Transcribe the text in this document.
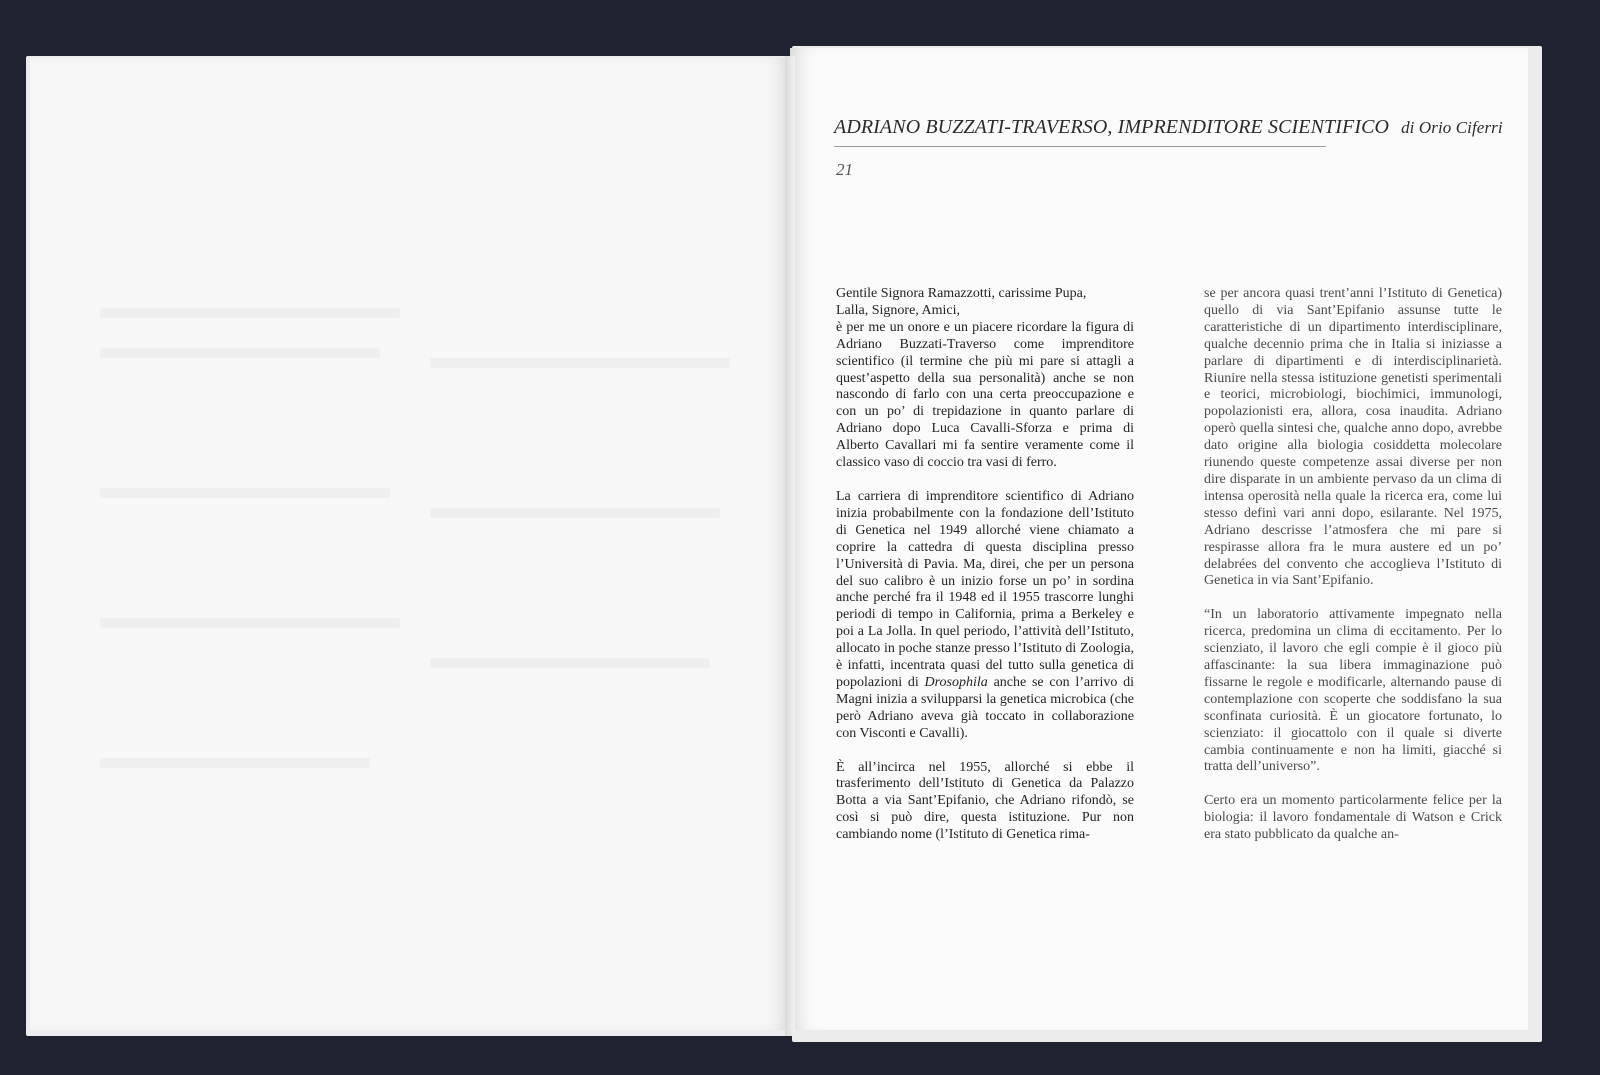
ADRIANO BUZZATI-TRAVERSO, IMPRENDITORE SCIENTIFICO di Orio Ciferri
21

Gentile Signora Ramazzotti, carissime Pupa,

Lalla, Signore, Amici,

è per me un onore e un piacere ricordare la figura di Adriano Buzzati-Traverso come imprenditore scientifico (il termine che più mi pare si attagli a quest’aspetto della sua personalità) anche se non nascondo di farlo con una certa preoccupazione e con un po’ di trepidazione in quanto parlare di Adriano dopo Luca Cavalli-Sforza e prima di Alberto Cavallari mi fa sentire veramente come il classico vaso di coccio tra vasi di ferro.

La carriera di imprenditore scientifico di Adriano inizia probabilmente con la fondazione dell’Istituto di Genetica nel 1949 allorché viene chiamato a coprire la cattedra di questa disciplina presso l’Università di Pavia. Ma, direi, che per un persona del suo calibro è un inizio forse un po’ in sordina anche perché fra il 1948 ed il 1955 trascorre lunghi periodi di tempo in California, prima a Berkeley e poi a La Jolla. In quel periodo, l’attività dell’Istituto, allocato in poche stanze presso l’Istituto di Zoologia, è infatti, incentrata quasi del tutto sulla genetica di popolazioni di Drosophila anche se con l’arrivo di Magni inizia a svilupparsi la genetica microbica (che però Adriano aveva già toccato in collaborazione con Visconti e Cavalli).

È all’incirca nel 1955, allorché si ebbe il trasferimento dell’Istituto di Genetica da Palazzo Botta a via Sant’Epifanio, che Adriano rifondò, se così si può dire, questa istituzione. Pur non cambiando nome (l’Istituto di Genetica rima-

se per ancora quasi trent’anni l’Istituto di Genetica) quello di via Sant’Epifanio assunse tutte le caratteristiche di un dipartimento interdisciplinare, qualche decennio prima che in Italia si iniziasse a parlare di dipartimenti e di interdisciplinarietà. Riunire nella stessa istituzione genetisti sperimentali e teorici, microbiologi, biochimici, immunologi, popolazionisti era, allora, cosa inaudita. Adriano operò quella sintesi che, qualche anno dopo, avrebbe dato origine alla biologia cosiddetta molecolare riunendo queste competenze assai diverse per non dire disparate in un ambiente pervaso da un clima di intensa operosità nella quale la ricerca era, come lui stesso definì vari anni dopo, esilarante. Nel 1975, Adriano descrisse l’atmosfera che mi pare si respirasse allora fra le mura austere ed un po’ delabrées del convento che accoglieva l’Istituto di Genetica in via Sant’Epifanio.

“In un laboratorio attivamente impegnato nella ricerca, predomina un clima di eccitamento. Per lo scienziato, il lavoro che egli compie è il gioco più affascinante: la sua libera immaginazione può fissarne le regole e modificarle, alternando pause di contemplazione con scoperte che soddisfano la sua sconfinata curiosità. È un giocatore fortunato, lo scienziato: il giocattolo con il quale si diverte cambia continuamente e non ha limiti, giacché si tratta dell’universo”.

Certo era un momento particolarmente felice per la biologia: il lavoro fondamentale di Watson e Crick era stato pubblicato da qualche an-
